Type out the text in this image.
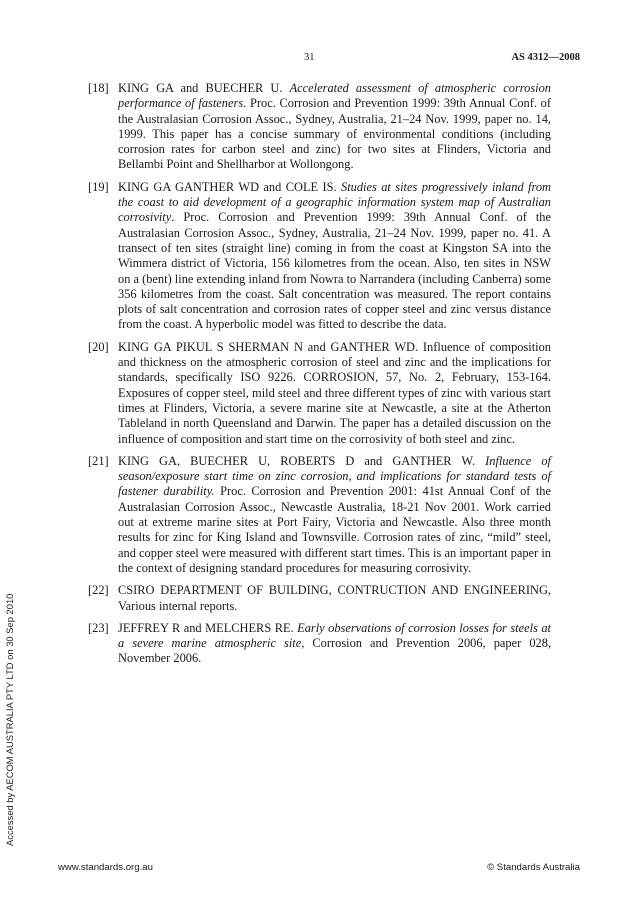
31	AS 4312—2008
[18] KING GA and BUECHER U. Accelerated assessment of atmospheric corrosion performance of fasteners. Proc. Corrosion and Prevention 1999: 39th Annual Conf. of the Australasian Corrosion Assoc., Sydney, Australia, 21–24 Nov. 1999, paper no. 14, 1999. This paper has a concise summary of environmental conditions (including corrosion rates for carbon steel and zinc) for two sites at Flinders, Victoria and Bellambi Point and Shellharbor at Wollongong.
[19] KING GA GANTHER WD and COLE IS. Studies at sites progressively inland from the coast to aid development of a geographic information system map of Australian corrosivity. Proc. Corrosion and Prevention 1999: 39th Annual Conf. of the Australasian Corrosion Assoc., Sydney, Australia, 21–24 Nov. 1999, paper no. 41. A transect of ten sites (straight line) coming in from the coast at Kingston SA into the Wimmera district of Victoria, 156 kilometres from the ocean. Also, ten sites in NSW on a (bent) line extending inland from Nowra to Narrandera (including Canberra) some 356 kilometres from the coast. Salt concentration was measured. The report contains plots of salt concentration and corrosion rates of copper steel and zinc versus distance from the coast. A hyperbolic model was fitted to describe the data.
[20] KING GA PIKUL S SHERMAN N and GANTHER WD. Influence of composition and thickness on the atmospheric corrosion of steel and zinc and the implications for standards, specifically ISO 9226. CORROSION, 57, No. 2, February, 153-164. Exposures of copper steel, mild steel and three different types of zinc with various start times at Flinders, Victoria, a severe marine site at Newcastle, a site at the Atherton Tableland in north Queensland and Darwin. The paper has a detailed discussion on the influence of composition and start time on the corrosivity of both steel and zinc.
[21] KING GA, BUECHER U, ROBERTS D and GANTHER W. Influence of season/exposure start time on zinc corrosion, and implications for standard tests of fastener durability. Proc. Corrosion and Prevention 2001: 41st Annual Conf of the Australasian Corrosion Assoc., Newcastle Australia, 18-21 Nov 2001. Work carried out at extreme marine sites at Port Fairy, Victoria and Newcastle. Also three month results for zinc for King Island and Townsville. Corrosion rates of zinc, “mild” steel, and copper steel were measured with different start times. This is an important paper in the context of designing standard procedures for measuring corrosivity.
[22] CSIRO DEPARTMENT OF BUILDING, CONTRUCTION AND ENGINEERING, Various internal reports.
[23] JEFFREY R and MELCHERS RE. Early observations of corrosion losses for steels at a severe marine atmospheric site, Corrosion and Prevention 2006, paper 028, November 2006.
Accessed by AECOM AUSTRALIA PTY LTD on 30 Sep 2010
www.standards.org.au	© Standards Australia
